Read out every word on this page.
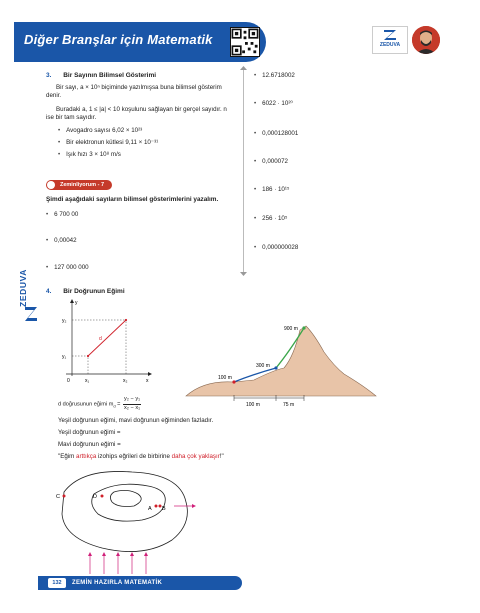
Diğer Branşlar için Matematik	ZEDUVA
ZEDUVA
3. Bir Sayının Bilimsel Gösterimi
Bir sayı, a × 10ⁿ biçiminde yazılmışsa buna bilimsel gösterim denir.
Buradaki a, 1 ≤ |a| < 10 koşulunu sağlayan bir gerçel sayıdır. n ise bir tam sayıdır.
• Avogadro sayısı 6,02 × 10²³
• Bir elektronun kütlesi 9,11 × 10⁻³¹
• Işık hızı 3 × 10⁸ m/s
Zeminliyorum - 7
Şimdi aşağıdaki sayıların bilimsel gösterimlerini yazalım.
• 6 700 00
• 0,00042
• 127 000 000
• 12.6718002
• 6022 · 10²⁰
• 0,000128001
• 0,000072
• 186 · 10¹⁵
• 256 · 10⁵
• 0,000000028
4. Bir Doğrunun Eğimi
y
x
0
y₁
y₂
x₁	x₂
d
d doğrusunun eğimi $m_d = \frac{\text{y₂ − y₁}}{\text{x₂ − x₁}}$
900 m
300 m
100 m
100 m	75 m
Yeşil doğrunun eğimi, mavi doğrunun eğiminden fazladır.
Yeşil doğrunun eğimi =
Mavi doğrunun eğimi =
"Eğim arttıkça izohips eğrileri de birbirine daha çok yaklaşır!"
C	D
A B
132	ZEMİN HAZIRLA MATEMATİK
